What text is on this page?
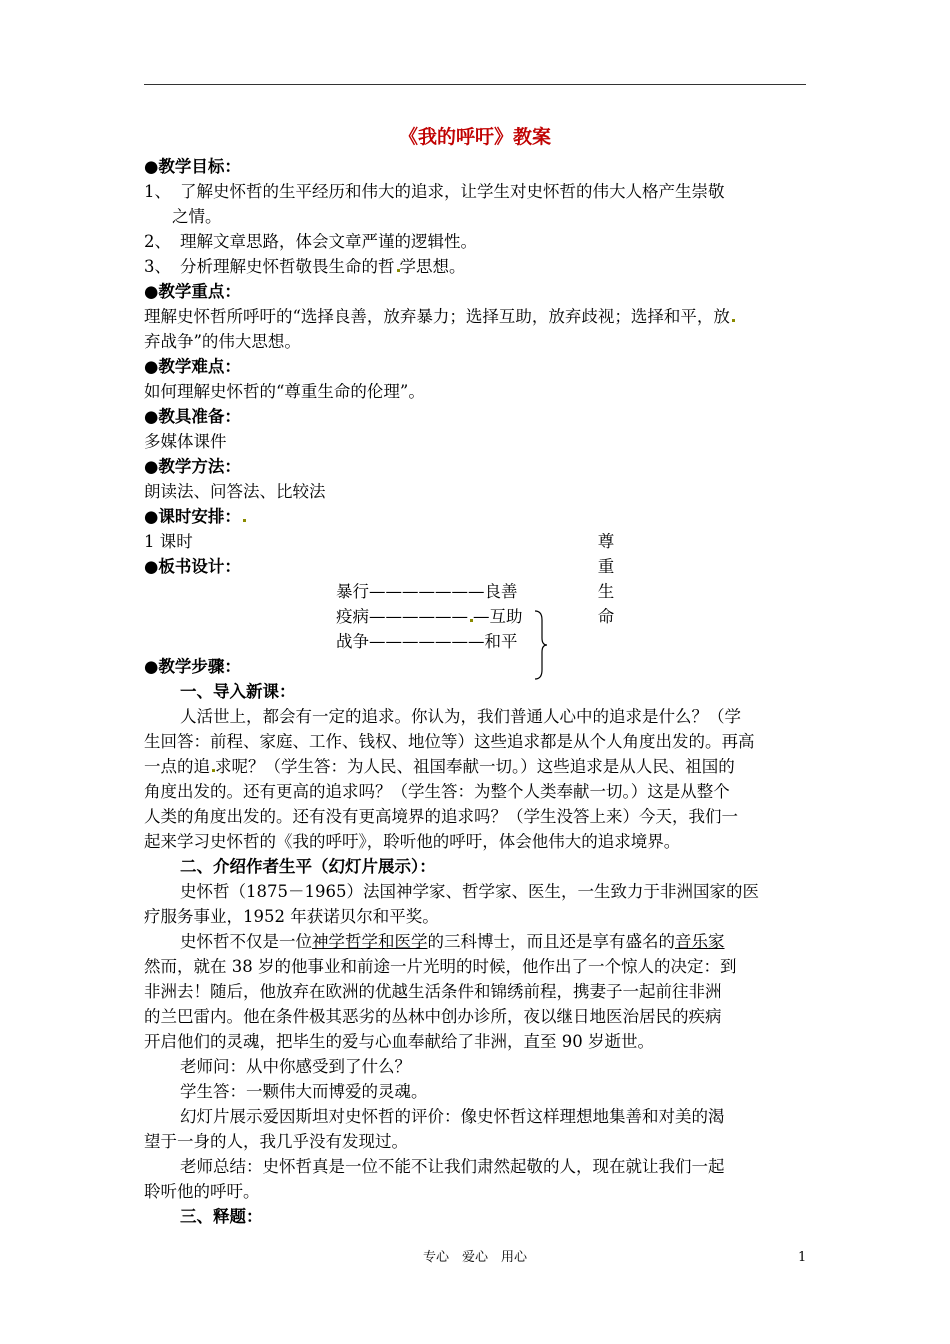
《我的呼吁》教案
●教学目标：
1、 了解史怀哲的生平经历和伟大的追求，让学生对史怀哲的伟大人格产生崇敬
之情。
2、 理解文章思路，体会文章严谨的逻辑性。
3、 分析理解史怀哲敬畏生命的哲 学思想。
●教学重点：
理解史怀哲所呼吁的“选择良善，放弃暴力；选择互助，放弃歧视；选择和平，放
弃战争”的伟大思想。
●教学难点：
如何理解史怀哲的“尊重生命的伦理”。
●教具准备：
多媒体课件
●教学方法：
朗读法、问答法、比较法
●课时安排：
1 课时
●板书设计：
暴行———————良善
疫病—————— —互助
战争———————和平
尊
重
生
命
●教学步骤：
一、导入新课：
人活世上，都会有一定的追求。你认为，我们普通人心中的追求是什么？（学
生回答：前程、家庭、工作、钱权、地位等）这些追求都是从个人角度出发的。再高
一点的追 求呢？（学生答：为人民、祖国奉献一切。）这些追求是从人民、祖国的
角度出发的。还有更高的追求吗？（学生答：为整个人类奉献一切。）这是从整个
人类的角度出发的。还有没有更高境界的追求吗？（学生没答上来）今天，我们一
起来学习史怀哲的《我的呼吁》，聆听他的呼吁，体会他伟大的追求境界。
二、介绍作者生平（幻灯片展示）：
史怀哲（1875－1965）法国神学家、哲学家、医生，一生致力于非洲国家的医
疗服务事业，1952 年获诺贝尔和平奖。
史怀哲不仅是一位神学哲学和医学的三科博士，而且还是享有盛名的音乐家
然而，就在 38 岁的他事业和前途一片光明的时候，他作出了一个惊人的决定：到
非洲去！随后，他放弃在欧洲的优越生活条件和锦绣前程，携妻子一起前往非洲
的兰巴雷内。他在条件极其恶劣的丛林中创办诊所，夜以继日地医治居民的疾病
开启他们的灵魂，把毕生的爱与心血奉献给了非洲，直至 90 岁逝世。
老师问：从中你感受到了什么？
学生答：一颗伟大而博爱的灵魂。
幻灯片展示爱因斯坦对史怀哲的评价：像史怀哲这样理想地集善和对美的渴
望于一身的人，我几乎没有发现过。
老师总结：史怀哲真是一位不能不让我们肃然起敬的人，现在就让我们一起
聆听他的呼吁。
三、释题：
专心　爱心　用心	1
